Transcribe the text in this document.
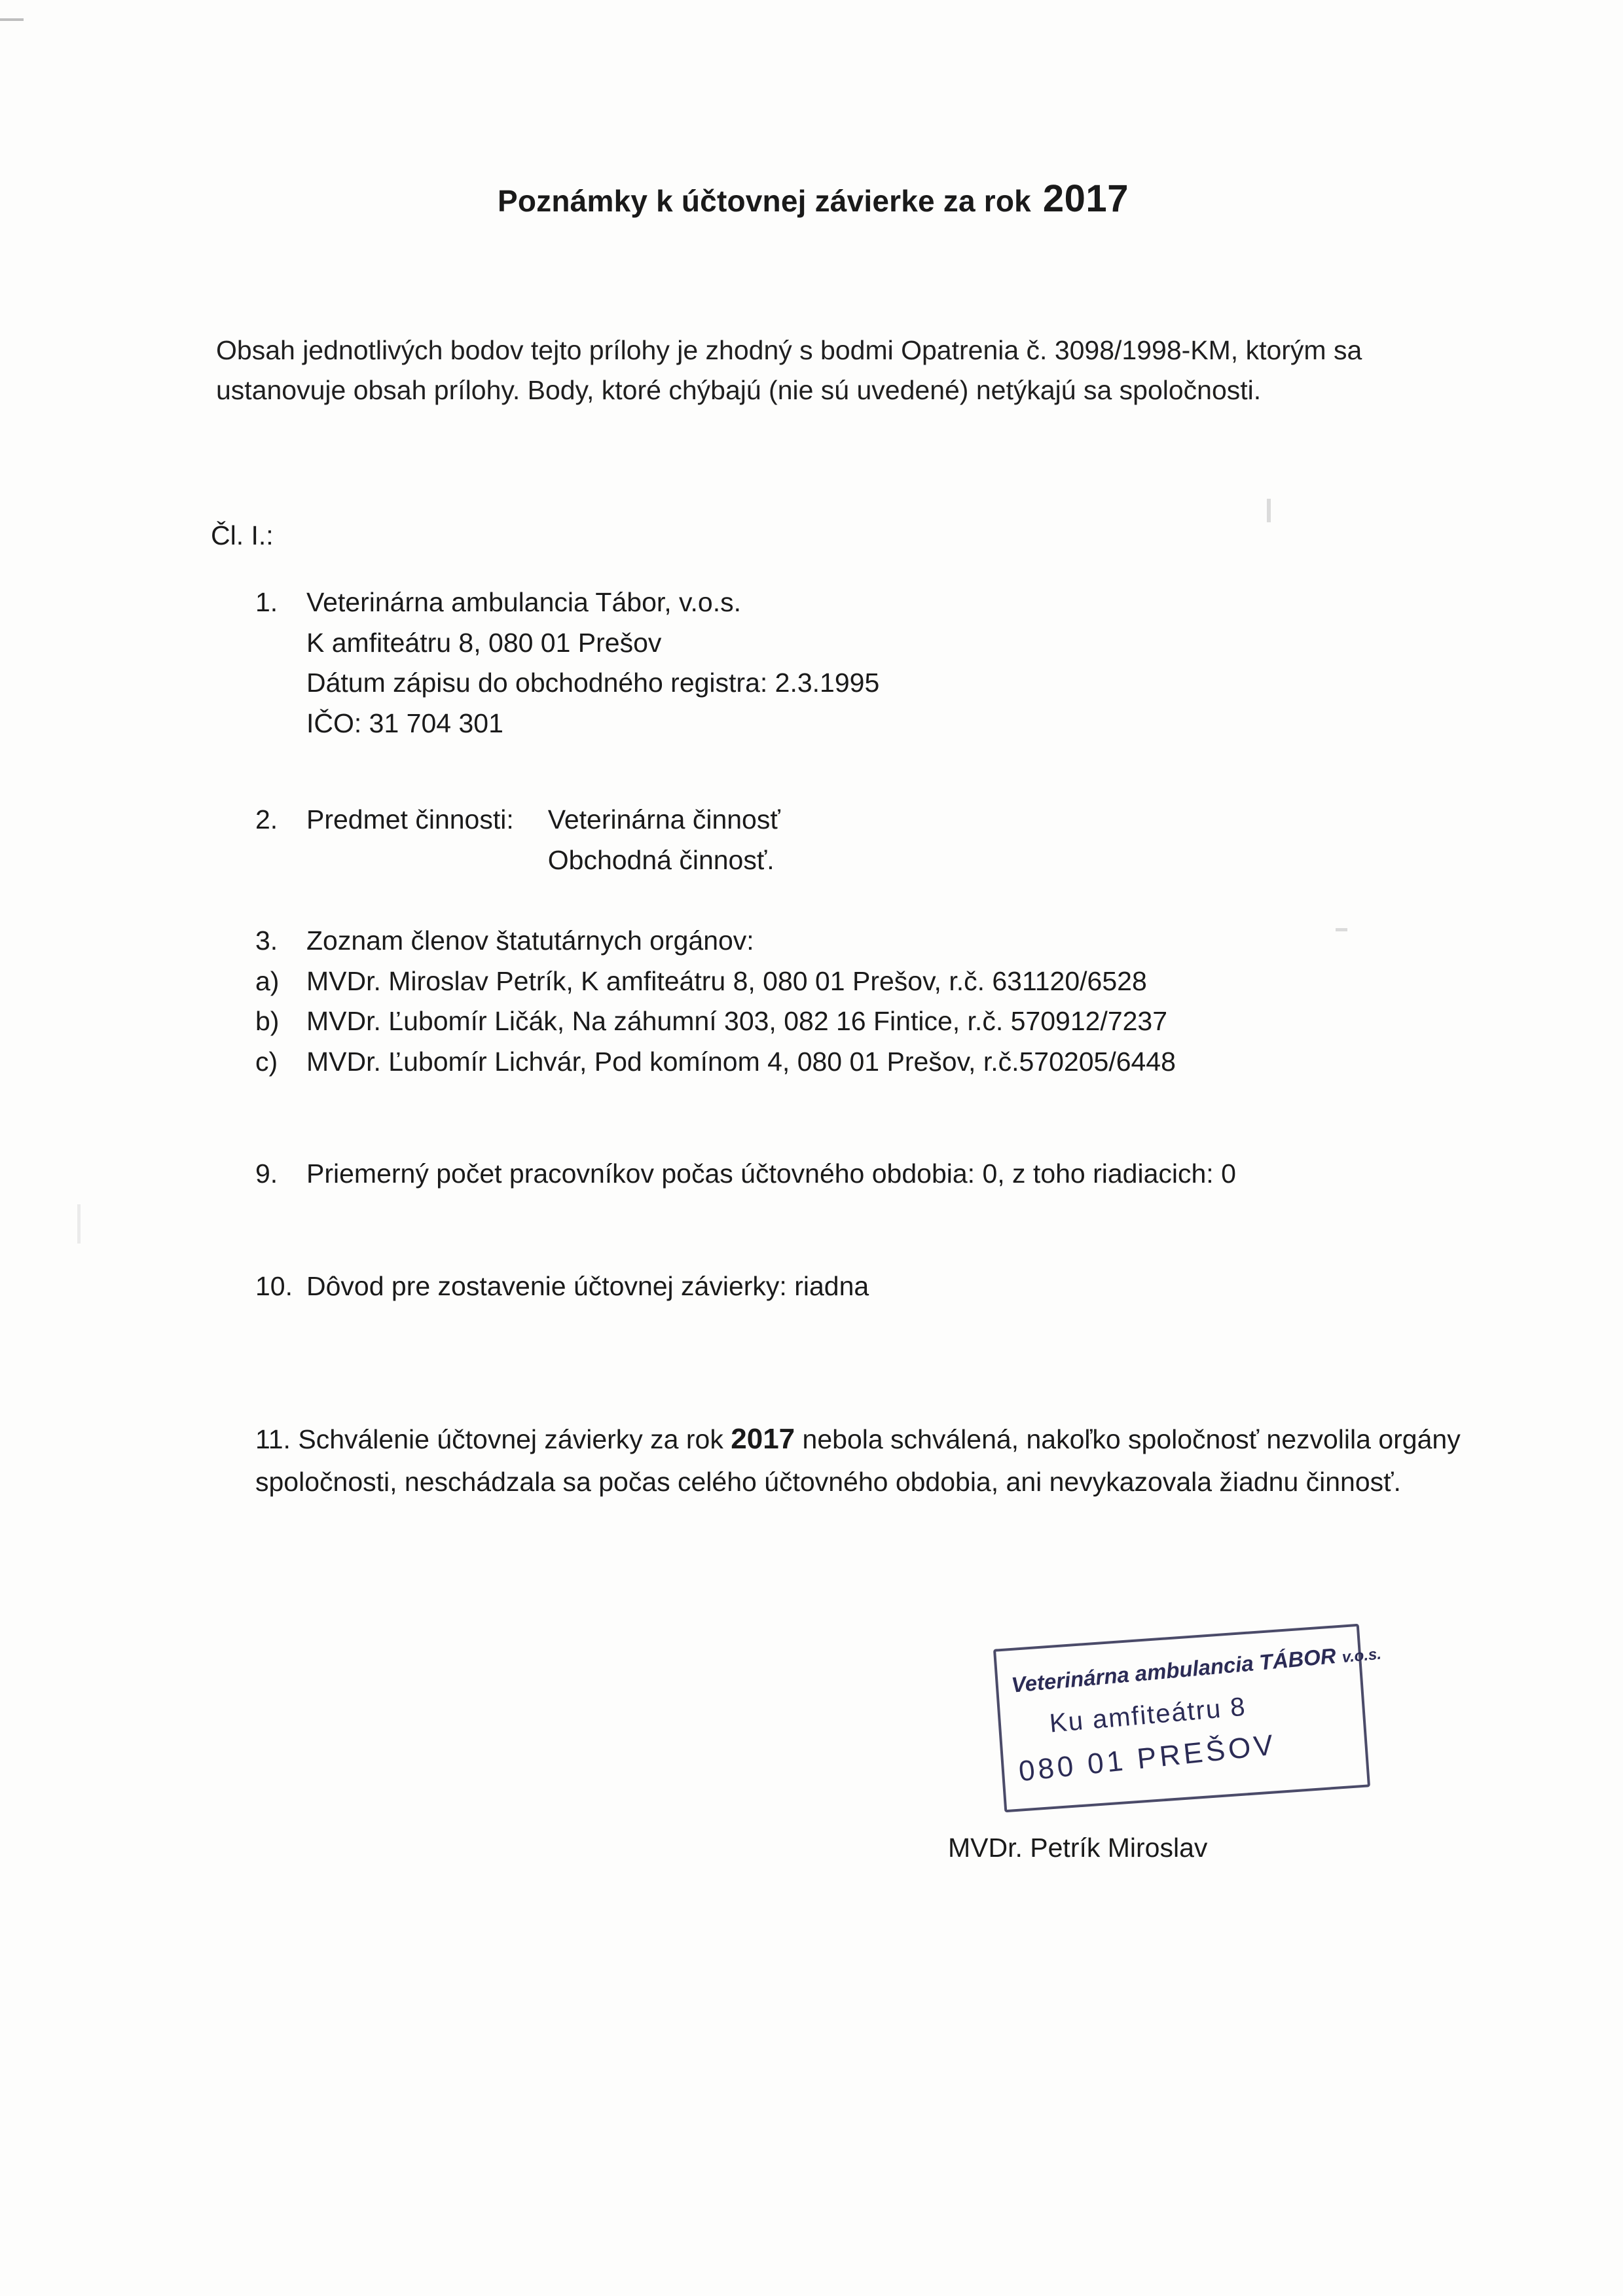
Poznámky k účtovnej závierke za rok 2017
Obsah jednotlivých bodov tejto prílohy je zhodný s bodmi Opatrenia č. 3098/1998-KM, ktorým sa ustanovuje obsah prílohy. Body, ktoré chýbajú (nie sú uvedené) netýkajú sa spoločnosti.
Čl. I.:
1.	Veterinárna ambulancia Tábor, v.o.s.
K amfiteátru 8, 080 01 Prešov
Dátum zápisu do obchodného registra: 2.3.1995
IČO: 31 704 301
2.	Predmet činnosti: Veterinárna činnosť
Obchodná činnosť.
3.	Zoznam členov štatutárnych orgánov:
a)	MVDr. Miroslav Petrík, K amfiteátru 8, 080 01 Prešov, r.č. 631120/6528
b)	MVDr. Ľubomír Ličák, Na záhumní 303, 082 16 Fintice, r.č. 570912/7237
c)	MVDr. Ľubomír Lichvár, Pod komínom 4, 080 01 Prešov, r.č.570205/6448
9.	Priemerný počet pracovníkov počas účtovného obdobia: 0, z toho riadiacich: 0
10. Dôvod pre zostavenie účtovnej závierky: riadna
11. Schválenie účtovnej závierky za rok 2017 nebola schválená, nakoľko spoločnosť nezvolila orgány spoločnosti, neschádzala sa počas celého účtovného obdobia, ani nevykazovala žiadnu činnosť.
Veterinárna ambulancia TÁBOR v.o.s.
Ku amfiteátru 8
080 01 PREŠOV
MVDr. Petrík Miroslav
